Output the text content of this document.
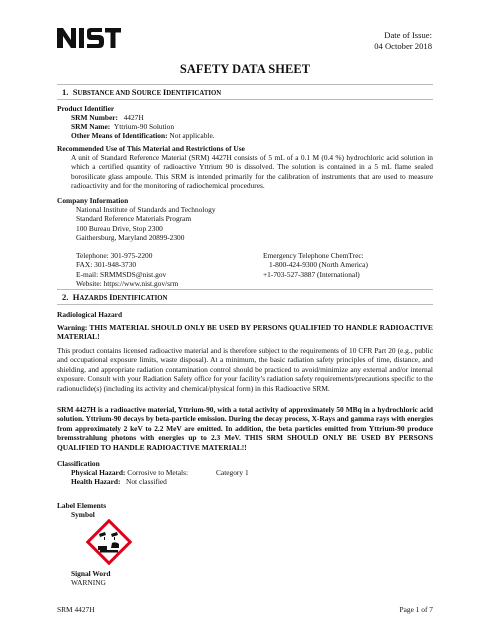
Date of Issue:
04 October 2018
SAFETY DATA SHEET
1. SUBSTANCE AND SOURCE IDENTIFICATION
Product Identifier
SRM Number: 4427H
SRM Name: Yttrium-90 Solution
Other Means of Identification: Not applicable.
Recommended Use of This Material and Restrictions of Use
A unit of Standard Reference Material (SRM) 4427H consists of 5 mL of a 0.1 M (0.4 %) hydrochloric acid solution in which a certified quantity of radioactive Yttrium 90 is dissolved. The solution is contained in a 5 mL flame sealed borosilicate glass ampoule. This SRM is intended primarily for the calibration of instruments that are used to measure radioactivity and for the monitoring of radiochemical procedures.
Company Information
National Institute of Standards and Technology
Standard Reference Materials Program
100 Bureau Drive, Stop 2300
Gaithersburg, Maryland 20899-2300
Telephone: 301-975-2200
FAX: 301-948-3730
E-mail: SRMMSDS@nist.gov
Website: https://www.nist.gov/srm
Emergency Telephone ChemTrec:
1-800-424-9300 (North America)
+1-703-527-3887 (International)
2. HAZARDS IDENTIFICATION
Radiological Hazard
Warning: THIS MATERIAL SHOULD ONLY BE USED BY PERSONS QUALIFIED TO HANDLE RADIOACTIVE MATERIAL!
This product contains licensed radioactive material and is therefore subject to the requirements of 10 CFR Part 20 (e.g., public and occupational exposure limits, waste disposal). At a minimum, the basic radiation safety principles of time, distance, and shielding, and appropriate radiation contamination control should be practiced to avoid/minimize any external and/or internal exposure. Consult with your Radiation Safety office for your facility’s radiation safety requirements/precautions specific to the radionuclide(s) (including its activity and chemical/physical form) in this Radioactive SRM.
SRM 4427H is a radioactive material, Yttrium-90, with a total activity of approximately 50 MBq in a hydrochloric acid solution. Yttrium-90 decays by beta-particle emission. During the decay process, X-Rays and gamma rays with energies from approximately 2 keV to 2.2 MeV are emitted. In addition, the beta particles emitted from Yttrium-90 produce bremsstrahlung photons with energies up to 2.3 MeV. THIS SRM SHOULD ONLY BE USED BY PERSONS QUALIFIED TO HANDLE RADIOACTIVE MATERIAL!!
Classification
Physical Hazard: Corrosive to Metals:	Category 1
Health Hazard: Not classified
Label Elements
Symbol
Signal Word
WARNING
SRM 4427H	Page 1 of 7
